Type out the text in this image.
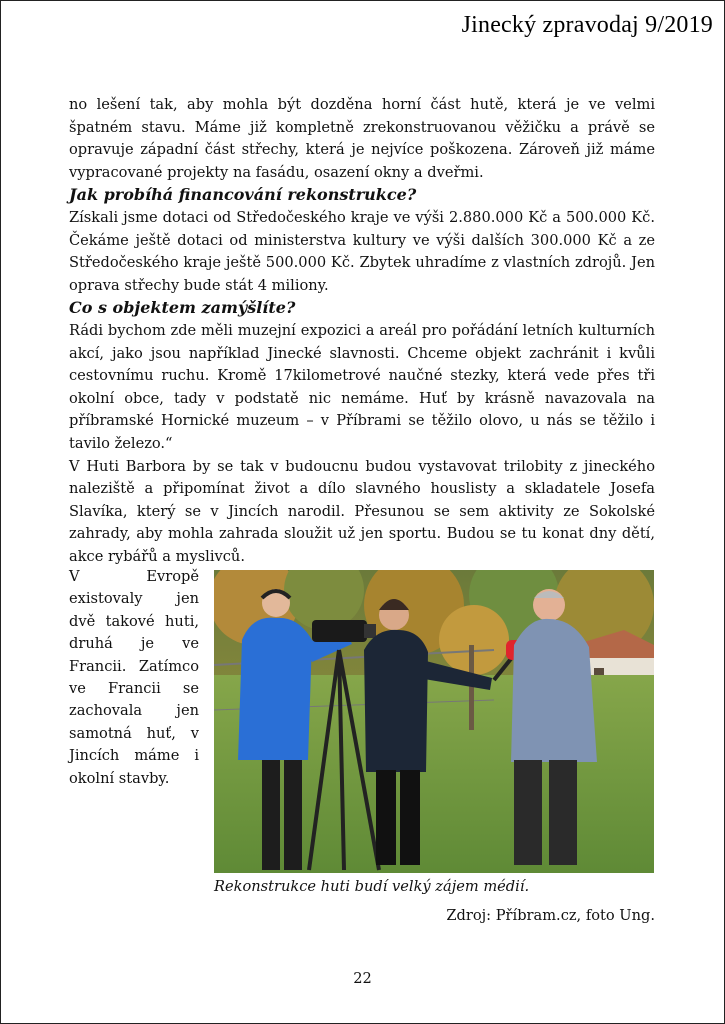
Jinecký zpravodaj 9/2019

no lešení tak, aby mohla být dozděna horní část hutě, která je ve velmi špatném stavu. Máme již kompletně zrekonstruovanou věžičku a právě se opravuje západní část střechy, která je nejvíce poškozena. Zároveň již máme vypracované projekty na fasádu, osazení okny a dveřmi.

Jak probíhá financování rekonstrukce?

Získali jsme dotaci od Středočeského kraje ve výši 2.880.000 Kč a 500.000 Kč. Čekáme ještě dotaci od ministerstva kultury ve výši dalších 300.000 Kč a ze Středočeského kraje ještě 500.000 Kč. Zbytek uhradíme z vlastních zdrojů. Jen oprava střechy bude stát 4 miliony.

Co s objektem zamýšlíte?

Rádi bychom zde měli muzejní expozici a areál pro pořádání letních kulturních akcí, jako jsou například Jinecké slavnosti. Chceme objekt zachránit i kvůli cestovnímu ruchu. Kromě 17kilometrové naučné stezky, která vede přes tři okolní obce, tady v podstatě nic nemáme. Huť by krásně navazovala na příbramské Hornické muzeum – v Příbrami se těžilo olovo, u nás se těžilo i tavilo železo.“

V Huti Barbora by se tak v budoucnu budou vystavovat trilobity z jineckého naleziště a připomínat život a dílo slavného houslisty a skladatele Josefa Slavíka, který se v Jincích narodil. Přesunou se sem aktivity ze Sokolské zahrady, aby mohla zahrada sloužit už jen sportu. Budou se tu konat dny dětí, akce rybářů a myslivců.

V Evropě existovaly jen dvě takové huti, druhá je ve Francii. Zatímco ve Francii se zachovala jen samotná huť, v Jincích máme i okolní stavby.

Rekonstrukce huti budí velký zájem médií.

Zdroj: Příbram.cz, foto Ung.

22
